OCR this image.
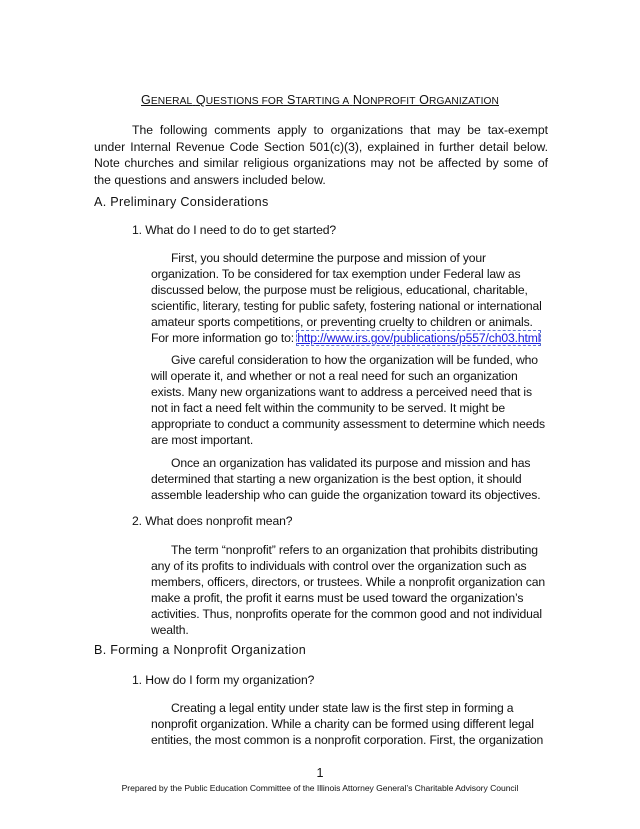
GENERAL QUESTIONS FOR STARTING A NONPROFIT ORGANIZATION
The following comments apply to organizations that may be tax-exempt under Internal Revenue Code Section 501(c)(3), explained in further detail below. Note churches and similar religious organizations may not be affected by some of the questions and answers included below.
A. Preliminary Considerations
1. What do I need to do to get started?
First, you should determine the purpose and mission of your organization. To be considered for tax exemption under Federal law as discussed below, the purpose must be religious, educational, charitable, scientific, literary, testing for public safety, fostering national or international amateur sports competitions, or preventing cruelty to children or animals. For more information go to: http://www.irs.gov/publications/p557/ch03.html
Give careful consideration to how the organization will be funded, who will operate it, and whether or not a real need for such an organization exists. Many new organizations want to address a perceived need that is not in fact a need felt within the community to be served. It might be appropriate to conduct a community assessment to determine which needs are most important.
Once an organization has validated its purpose and mission and has determined that starting a new organization is the best option, it should assemble leadership who can guide the organization toward its objectives.
2. What does nonprofit mean?
The term “nonprofit” refers to an organization that prohibits distributing any of its profits to individuals with control over the organization such as members, officers, directors, or trustees. While a nonprofit organization can make a profit, the profit it earns must be used toward the organization’s activities. Thus, nonprofits operate for the common good and not individual wealth.
B. Forming a Nonprofit Organization
1. How do I form my organization?
Creating a legal entity under state law is the first step in forming a nonprofit organization. While a charity can be formed using different legal entities, the most common is a nonprofit corporation. First, the organization
1
Prepared by the Public Education Committee of the Illinois Attorney General’s Charitable Advisory Council
